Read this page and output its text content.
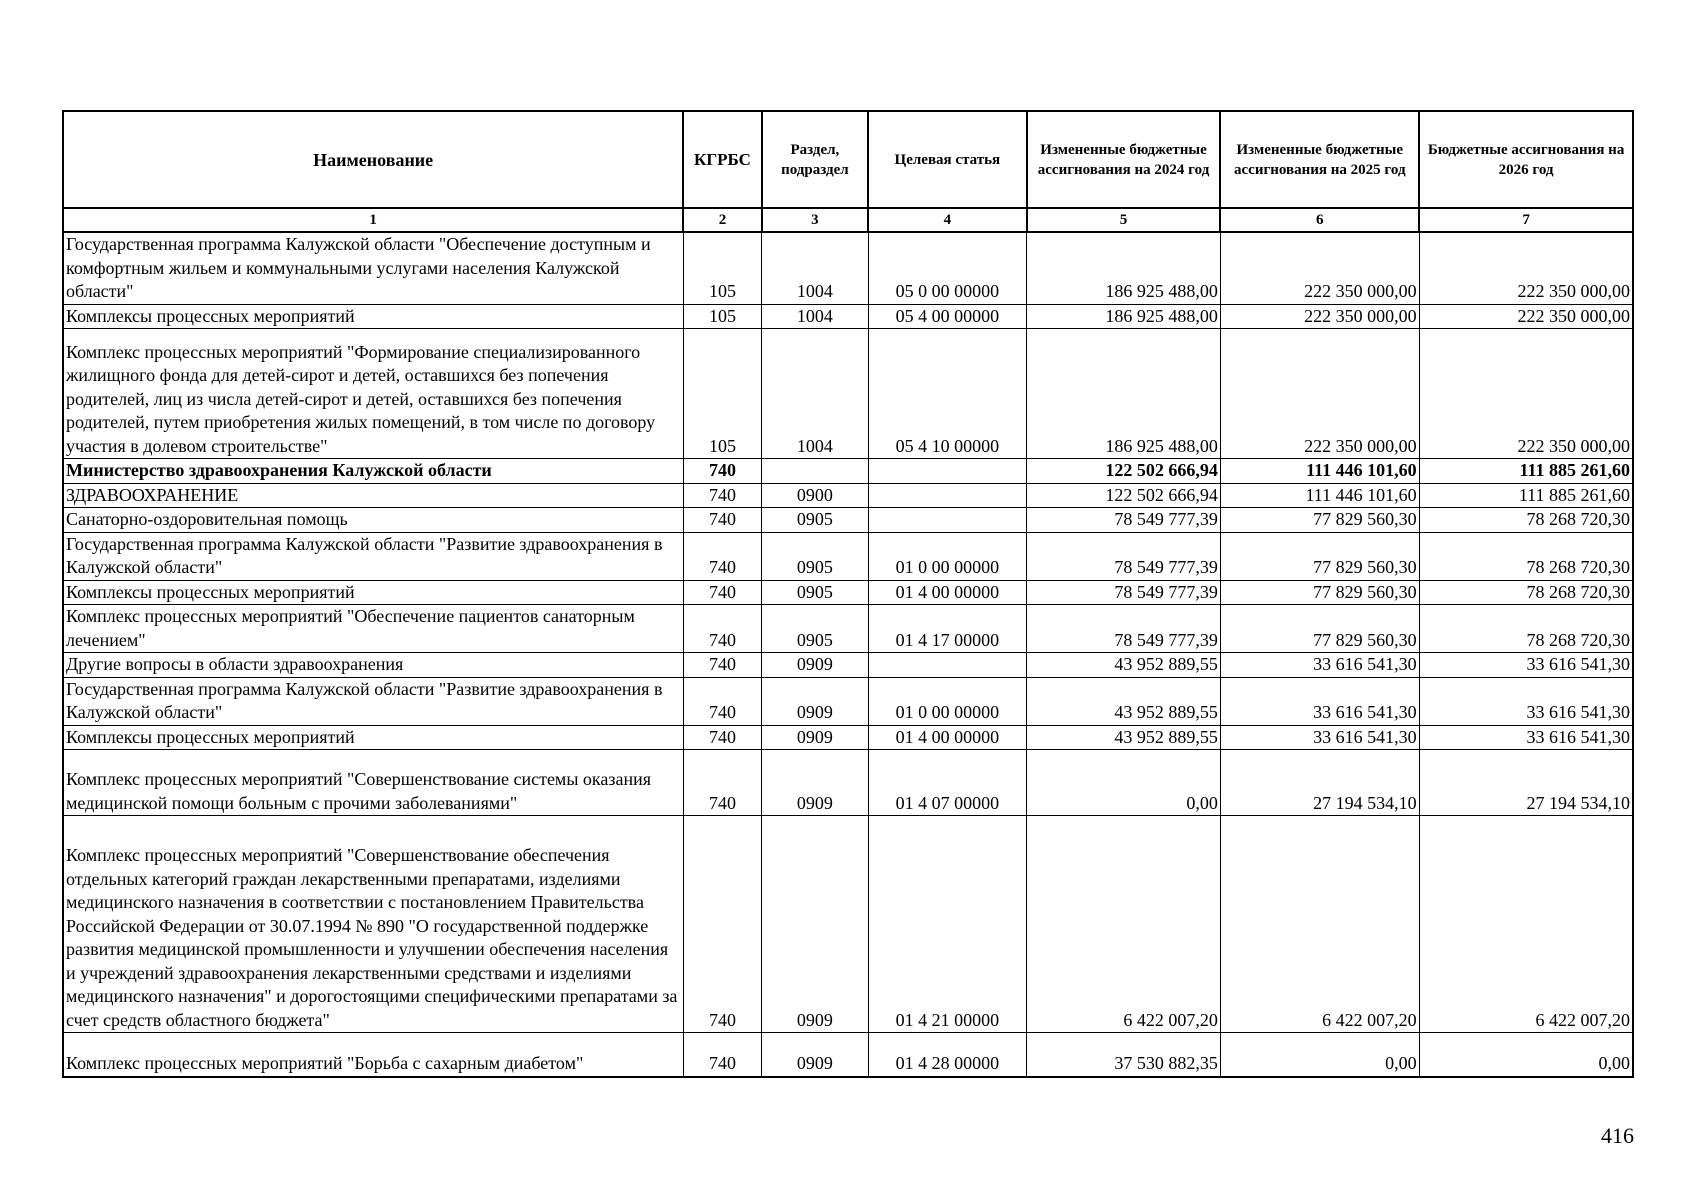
Наименование	КГРБС	Раздел, подраздел	Целевая статья	Измененные бюджетные ассигнования на 2024 год	Измененные бюджетные ассигнования на 2025 год	Бюджетные ассигнования на 2026 год
1	2	3	4	5	6	7
Государственная программа Калужской области "Обеспечение доступным и комфортным жильем и коммунальными услугами населения Калужской области"	105	1004	05 0 00 00000	186 925 488,00	222 350 000,00	222 350 000,00
Комплексы процессных мероприятий	105	1004	05 4 00 00000	186 925 488,00	222 350 000,00	222 350 000,00
Комплекс процессных мероприятий "Формирование специализированного жилищного фонда для детей-сирот и детей, оставшихся без попечения родителей, лиц из числа детей-сирот и детей, оставшихся без попечения родителей, путем приобретения жилых помещений, в том числе по договору участия в долевом строительстве"	105	1004	05 4 10 00000	186 925 488,00	222 350 000,00	222 350 000,00
Министерство здравоохранения Калужской области	740			122 502 666,94	111 446 101,60	111 885 261,60
ЗДРАВООХРАНЕНИЕ	740	0900		122 502 666,94	111 446 101,60	111 885 261,60
Санаторно-оздоровительная помощь	740	0905		78 549 777,39	77 829 560,30	78 268 720,30
Государственная программа Калужской области "Развитие здравоохранения в Калужской области"	740	0905	01 0 00 00000	78 549 777,39	77 829 560,30	78 268 720,30
Комплексы процессных мероприятий	740	0905	01 4 00 00000	78 549 777,39	77 829 560,30	78 268 720,30
Комплекс процессных мероприятий "Обеспечение пациентов санаторным лечением"	740	0905	01 4 17 00000	78 549 777,39	77 829 560,30	78 268 720,30
Другие вопросы в области здравоохранения	740	0909		43 952 889,55	33 616 541,30	33 616 541,30
Государственная программа Калужской области "Развитие здравоохранения в Калужской области"	740	0909	01 0 00 00000	43 952 889,55	33 616 541,30	33 616 541,30
Комплексы процессных мероприятий	740	0909	01 4 00 00000	43 952 889,55	33 616 541,30	33 616 541,30
Комплекс процессных мероприятий "Совершенствование системы оказания медицинской помощи больным с прочими заболеваниями"	740	0909	01 4 07 00000	0,00	27 194 534,10	27 194 534,10
Комплекс процессных мероприятий "Совершенствование обеспечения отдельных категорий граждан лекарственными препаратами, изделиями медицинского назначения в соответствии с постановлением Правительства Российской Федерации от 30.07.1994 № 890 "О государственной поддержке развития медицинской промышленности и улучшении обеспечения населения и учреждений здравоохранения лекарственными средствами и изделиями медицинского назначения" и дорогостоящими специфическими препаратами за счет средств областного бюджета"	740	0909	01 4 21 00000	6 422 007,20	6 422 007,20	6 422 007,20
Комплекс процессных мероприятий "Борьба с сахарным диабетом"	740	0909	01 4 28 00000	37 530 882,35	0,00	0,00
416
